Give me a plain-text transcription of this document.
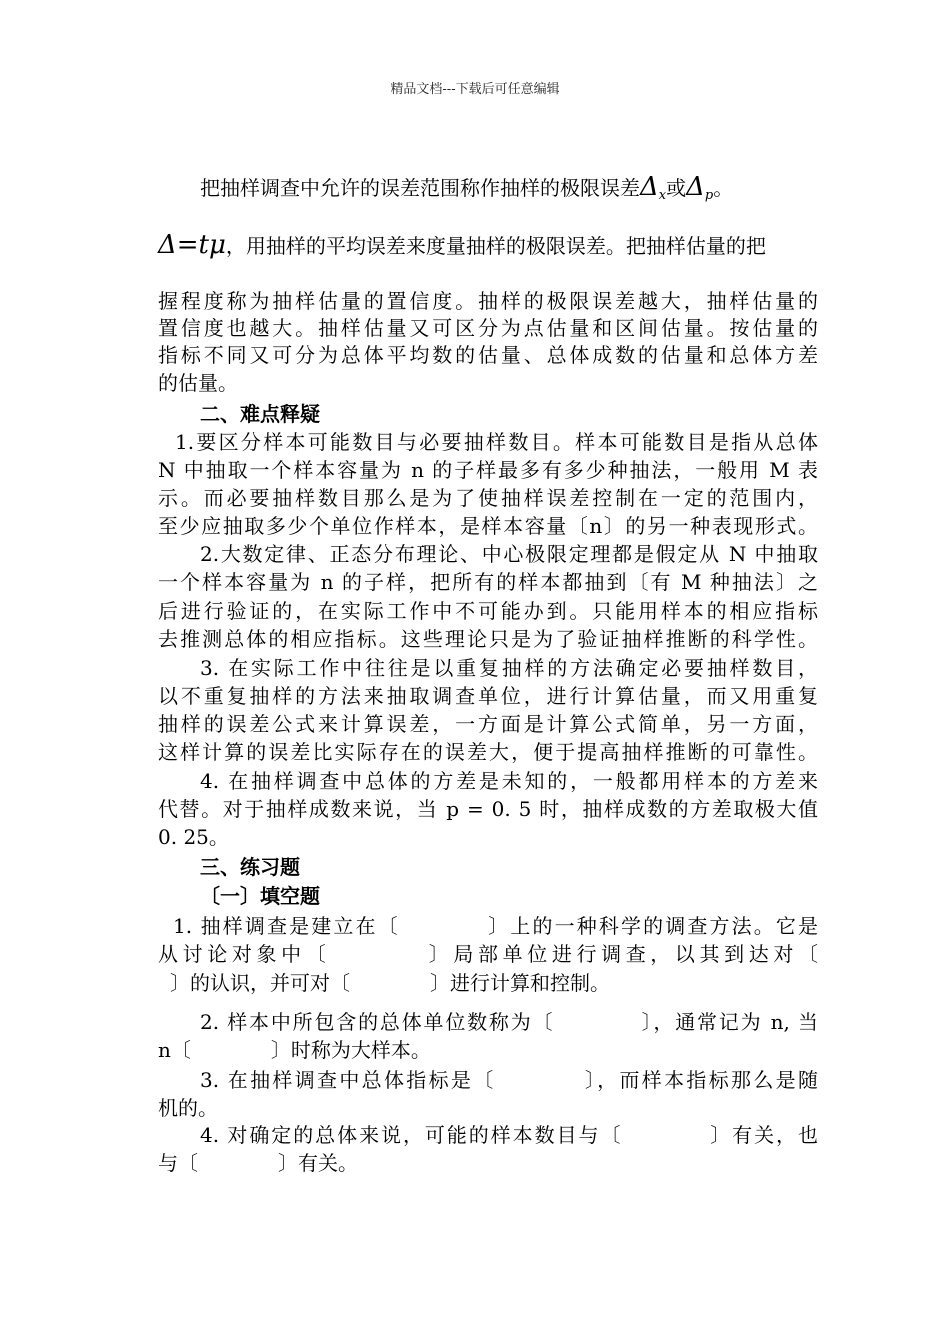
精品文档---下载后可任意编辑
把抽样调查中允许的误差范围称作抽样的极限误差$\Delta_x$或$\Delta_p$。
Δ=tμ，用抽样的平均误差来度量抽样的极限误差。把抽样估量的把
握程度称为抽样估量的置信度。抽样的极限误差越大，抽样估量的
置信度也越大。抽样估量又可区分为点估量和区间估量。按估量的
指标不同又可分为总体平均数的估量、总体成数的估量和总体方差
的估量。
二、难点释疑
1.要区分样本可能数目与必要抽样数目。样本可能数目是指从总体
N 中抽取一个样本容量为 n 的子样最多有多少种抽法，一般用 M 表
示。而必要抽样数目那么是为了使抽样误差控制在一定的范围内，
至少应抽取多少个单位作样本，是样本容量〔n〕的另一种表现形式。
2.大数定律、正态分布理论、中心极限定理都是假定从 N 中抽取
一个样本容量为 n 的子样，把所有的样本都抽到〔有 M 种抽法〕之
后进行验证的，在实际工作中不可能办到。只能用样本的相应指标
去推测总体的相应指标。这些理论只是为了验证抽样推断的科学性。
3. 在实际工作中往往是以重复抽样的方法确定必要抽样数目，
以不重复抽样的方法来抽取调查单位，进行计算估量，而又用重复
抽样的误差公式来计算误差，一方面是计算公式简单，另一方面，
这样计算的误差比实际存在的误差大，便于提高抽样推断的可靠性。
4. 在抽样调查中总体的方差是未知的，一般都用样本的方差来
代替。对于抽样成数来说，当 p = 0. 5 时，抽样成数的方差取极大值
0. 25。
三、练习题
〔一〕填空题
1. 抽样调查是建立在〔　　　　〕上的一种科学的调查方法。它是
从讨论对象中〔　　　　〕局部单位进行调查，以其到达对〔
〕的认识，并可对〔　　　　〕进行计算和控制。
2. 样本中所包含的总体单位数称为〔　　　　〕，通常记为 n, 当
n〔　　　　〕时称为大样本。
3. 在抽样调查中总体指标是〔　　　　〕，而样本指标那么是随
机的。
4. 对确定的总体来说，可能的样本数目与〔　　　　〕有关，也
与〔　　　　〕有关。
